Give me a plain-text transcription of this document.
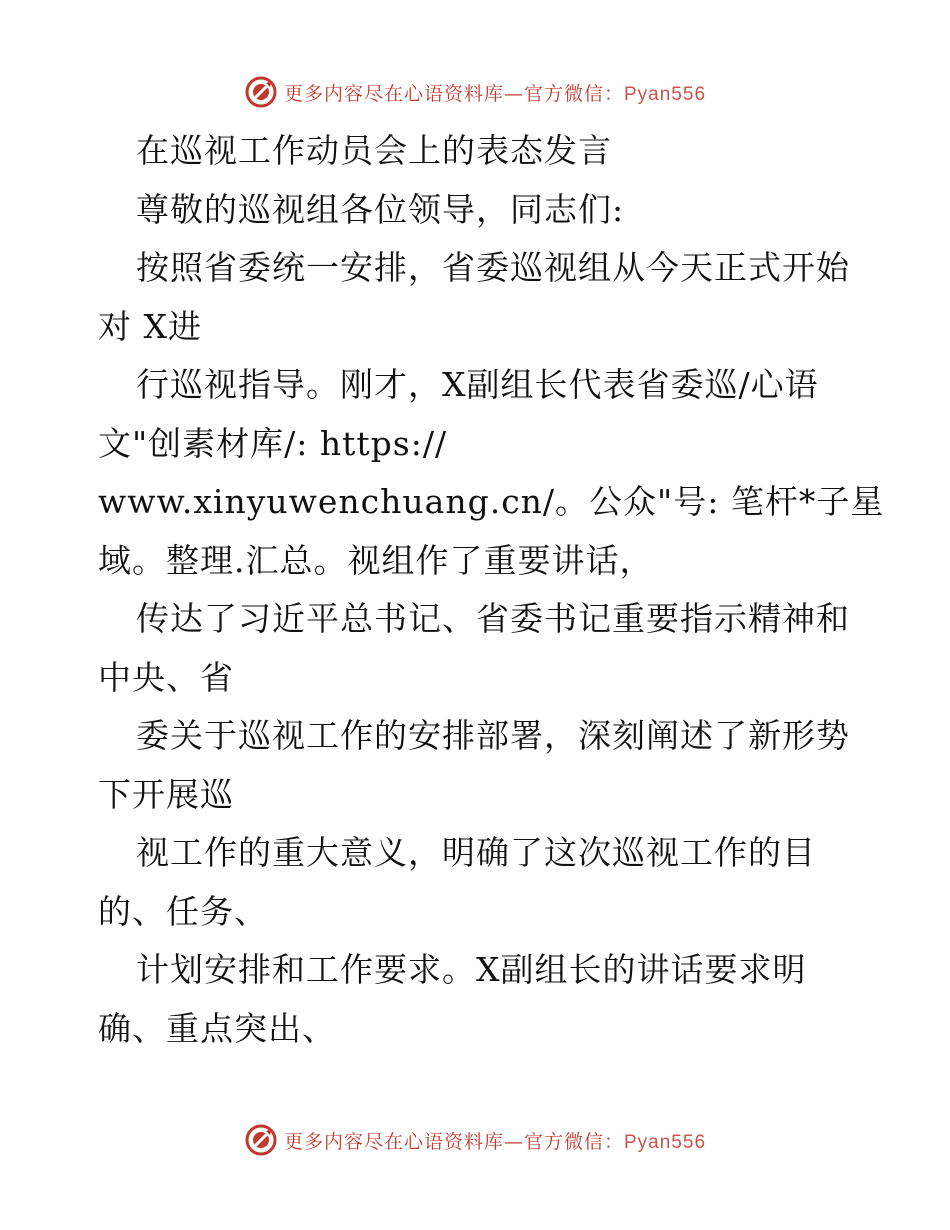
更多内容尽在心语资料库—官方微信：Pyan556
在巡视工作动员会上的表态发言
尊敬的巡视组各位领导，同志们:
按照省委统一安排，省委巡视组从今天正式开始
对 X进
行巡视指导。刚才，X副组长代表省委巡/心语
文"创素材库/: https://
www.xinyuwenchuang.cn/。公众"号: 笔杆*子星
域。整理.汇总。视组作了重要讲话，
传达了习近平总书记、省委书记重要指示精神和
中央、省
委关于巡视工作的安排部署，深刻阐述了新形势
下开展巡
视工作的重大意义，明确了这次巡视工作的目
的、任务、
计划安排和工作要求。X副组长的讲话要求明
确、重点突出、
更多内容尽在心语资料库—官方微信：Pyan556
